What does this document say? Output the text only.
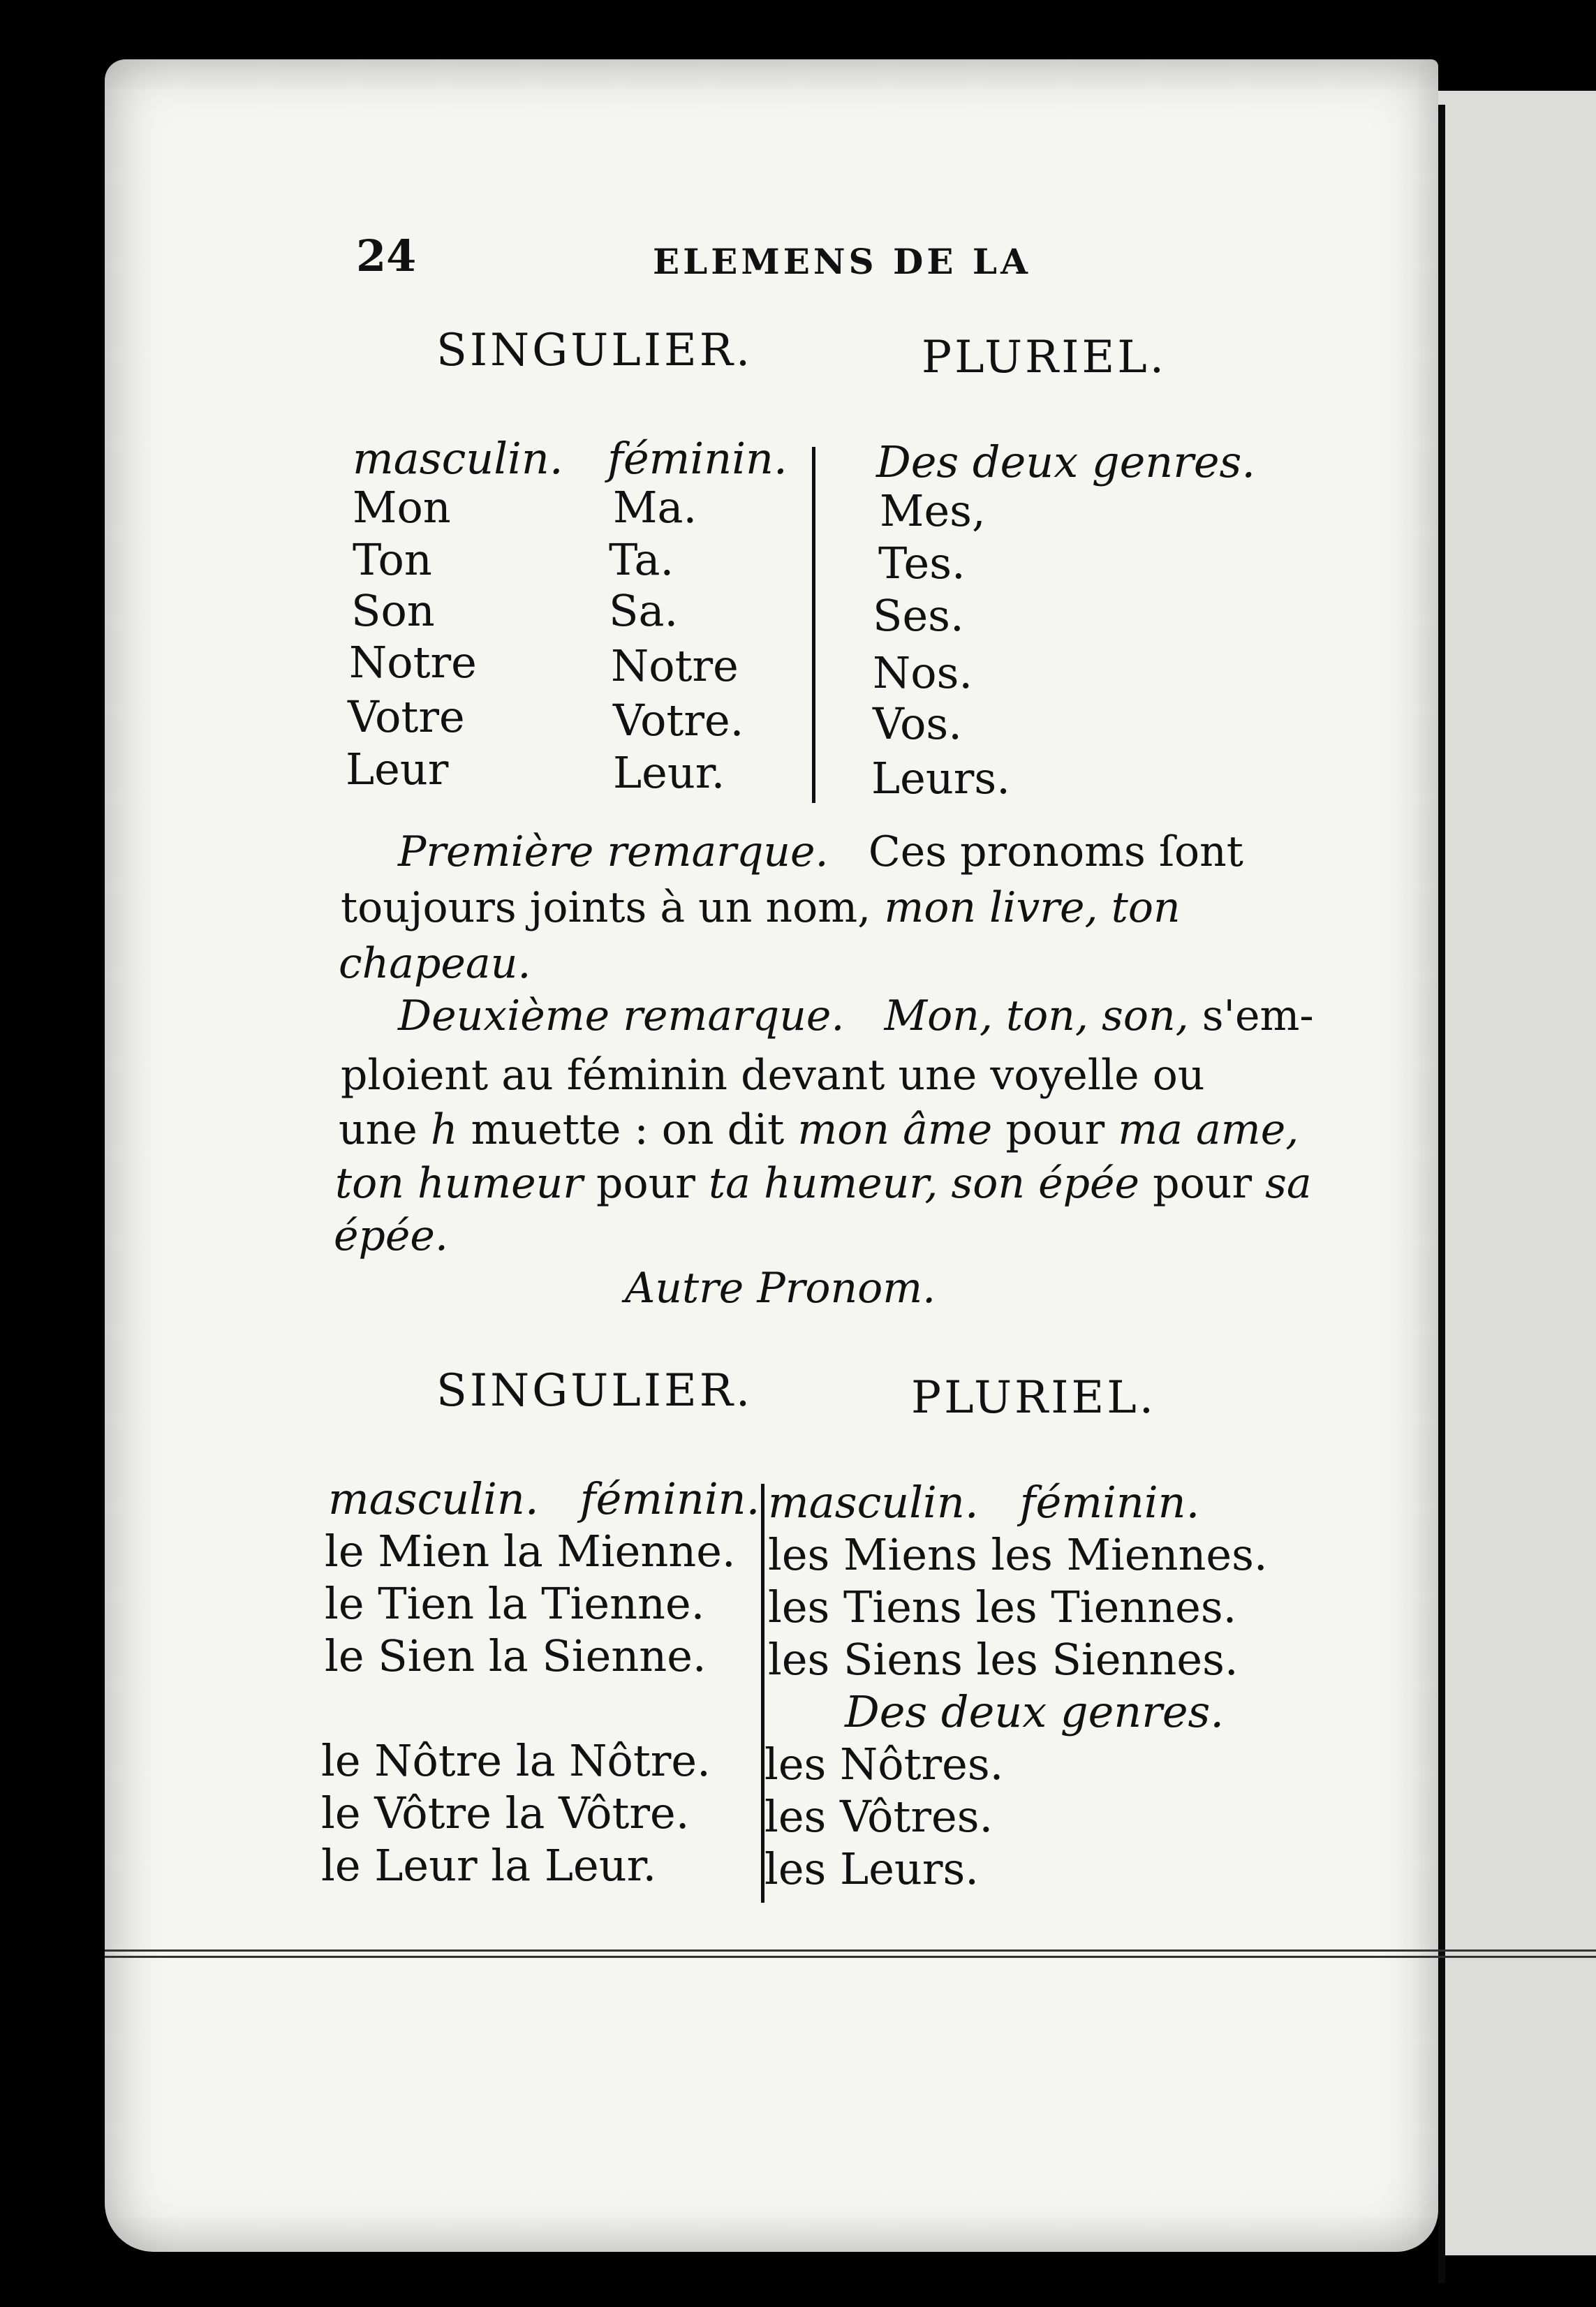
24	ELEMENS DE LA
SINGULIER.	PLURIEL.
masculin. féminin. Des deux genres.
Mon	Ma.	Mes,
Ton	Ta.	Tes.
Son	Sa.	Ses.
Notre	Notre	Nos.
Votre	Votre.	Vos.
Leur	Leur.	Leurs.
Première remarque. Ces pronoms ſont
toujours joints à un nom, mon livre, ton
chapeau.
Deuxième remarque. Mon, ton, son, s'em-
ploient au féminin devant une voyelle ou
une h muette : on dit mon âme pour ma ame,
ton humeur pour ta humeur, son épée pour sa
épée.
Autre Pronom.
SINGULIER.	PLURIEL.
masculin.   féminin. masculin.   féminin.
le Mien la Mienne. les Miens les Miennes.
le Tien la Tienne. les Tiens les Tiennes.
le Sien la Sienne. les Siens les Siennes.
Des deux genres.
le Nôtre la Nôtre. les Nôtres.
le Vôtre la Vôtre. les Vôtres.
le Leur la Leur. les Leurs.
